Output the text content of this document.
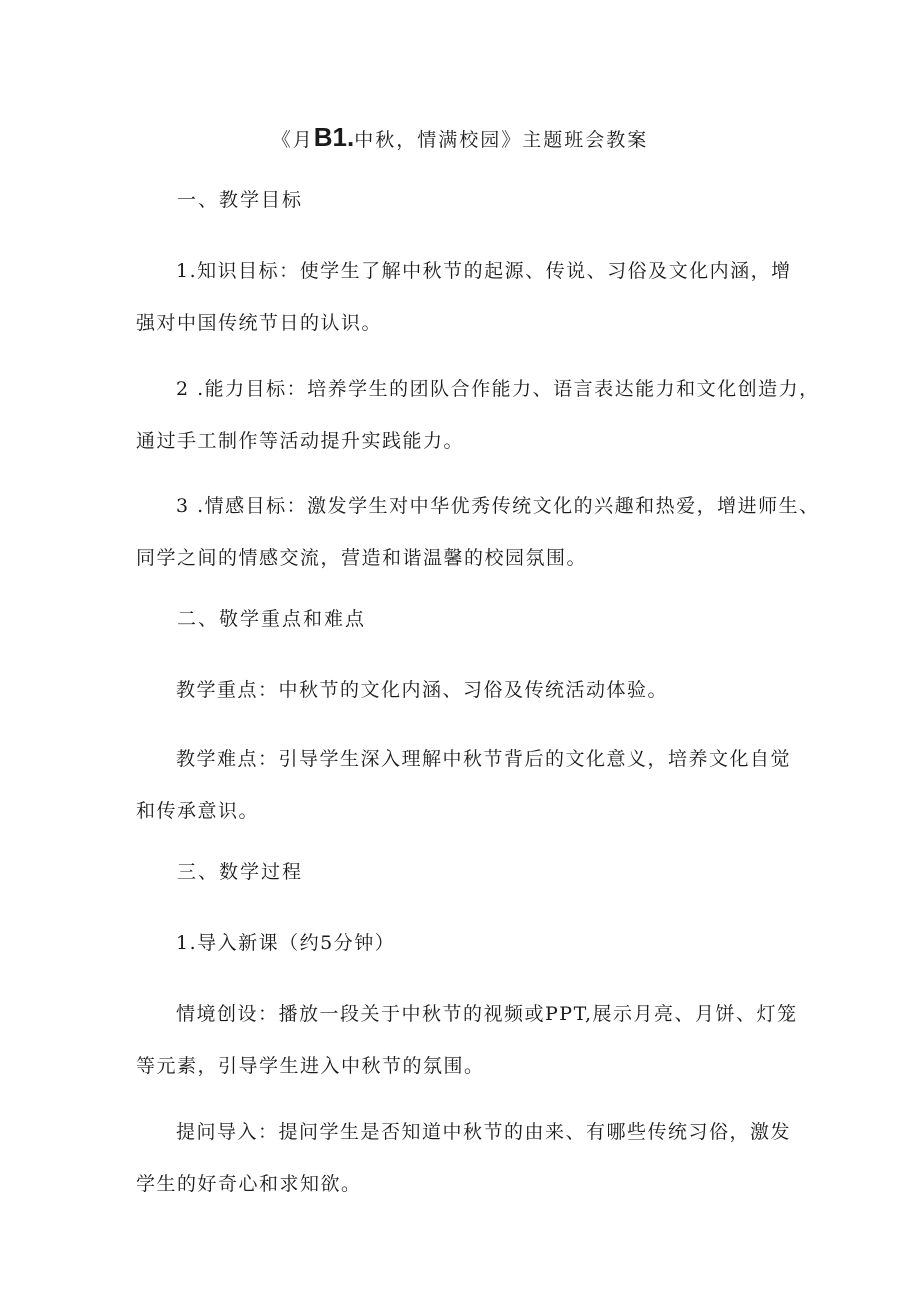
《月B1.中秋，情满校园》主题班会教案
一、教学目标
1.知识目标：使学生了解中秋节的起源、传说、习俗及文化内涵，增
强对中国传统节日的认识。
2 .能力目标：培养学生的团队合作能力、语言表达能力和文化创造力，
通过手工制作等活动提升实践能力。
3 .情感目标：激发学生对中华优秀传统文化的兴趣和热爱，增进师生、
同学之间的情感交流，营造和谐温馨的校园氛围。
二、敬学重点和难点
教学重点：中秋节的文化内涵、习俗及传统活动体验。
教学难点：引导学生深入理解中秋节背后的文化意义，培养文化自觉
和传承意识。
三、数学过程
1.导入新课（约5分钟）
情境创设：播放一段关于中秋节的视频或PPT,展示月亮、月饼、灯笼
等元素，引导学生进入中秋节的氛围。
提问导入：提问学生是否知道中秋节的由来、有哪些传统习俗，激发
学生的好奇心和求知欲。
